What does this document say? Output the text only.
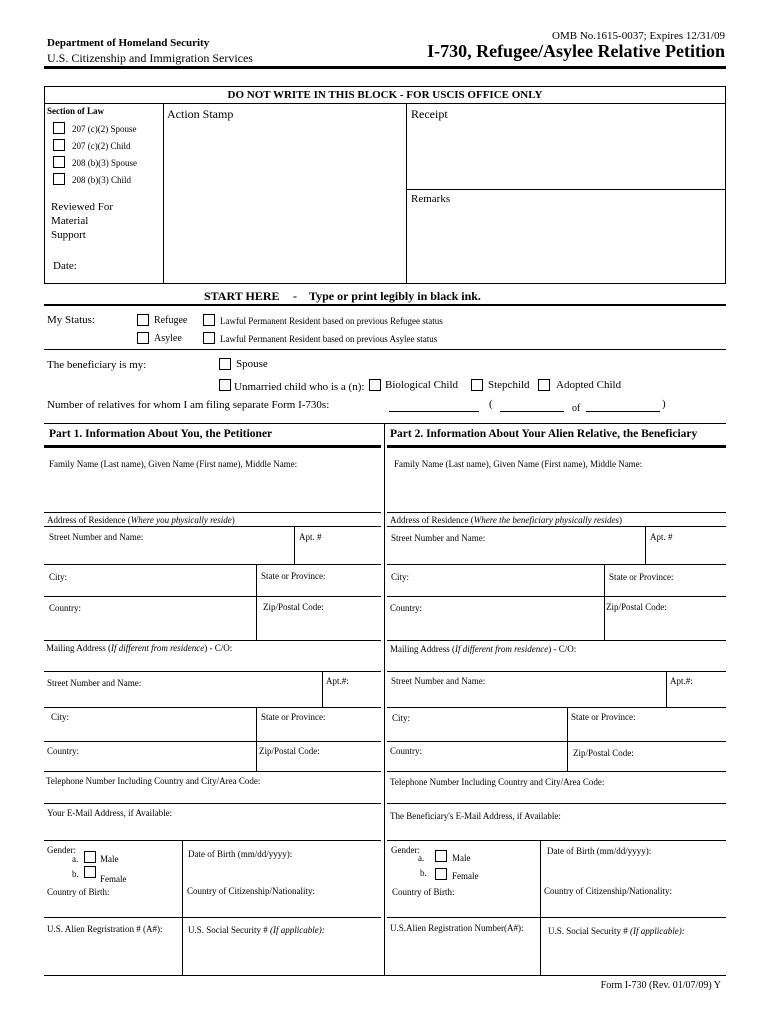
Department of Homeland Security
U.S. Citizenship and Immigration Services
OMB No.1615-0037; Expires 12/31/09
I-730, Refugee/Asylee Relative Petition
DO NOT WRITE IN THIS BLOCK - FOR USCIS OFFICE ONLY
Section of Law
207 (c)(2) Spouse
207 (c)(2) Child
208 (b)(3) Spouse
208 (b)(3) Child
Reviewed For
Material
Support
Date:
Action Stamp	Receipt
Remarks
START HERE - Type or print legibly in black ink.
My Status:	Refugee	Lawful Permanent Resident based on previous Refugee status
Asylee	Lawful Permanent Resident based on previous Asylee status
The beneficiary is my:	Spouse
Unmarried child who is a (n): Biological Child	Stepchild Adopted Child
Number of relatives for whom I am filing separate Form I-730s:	(	of	)
Part 1. Information About You, the Petitioner	Part 2. Information About Your Alien Relative, the Beneficiary
Family Name (Last name), Given Name (First name), Middle Name:
Address of Residence (Where you physically reside)
Street Number and Name:	Apt. #
City:	State or Province:
Country:	Zip/Postal Code:
Mailing Address (If different from residence) - C/O:
Street Number and Name:	Apt.#:
City:	State or Province:
Country:	Zip/Postal Code:
Telephone Number Including Country and City/Area Code:
Your E-Mail Address, if Available:
Gender:
a. Male
b. Female
Date of Birth (mm/dd/yyyy):
Country of Birth:	Country of Citizenship/Nationality:
U.S. Alien Regristration # (A#):	U.S. Social Security # (If applicable):
Family Name (Last name), Given Name (First name), Middle Name:
Address of Residence (Where the beneficiary physically resides)
Street Number and Name:	Apt. #
City:	State or Province:
Country:	Zip/Postal Code:
Mailing Address (If different from residence) - C/O:
Street Number and Name:	Apt.#:
City:	State or Province:
Country:	Zip/Postal Code:
Telephone Number Including Country and City/Area Code:
The Beneficiary's E-Mail Address, if Available:
Gender:
a.	Male
b.	Female
Date of Birth (mm/dd/yyyy):
Country of Birth:	Country of Citizenship/Nationality:
U.S.Alien Registration Number(A#):	U.S. Social Security # (If applicable):
Form I-730 (Rev. 01/07/09) Y
